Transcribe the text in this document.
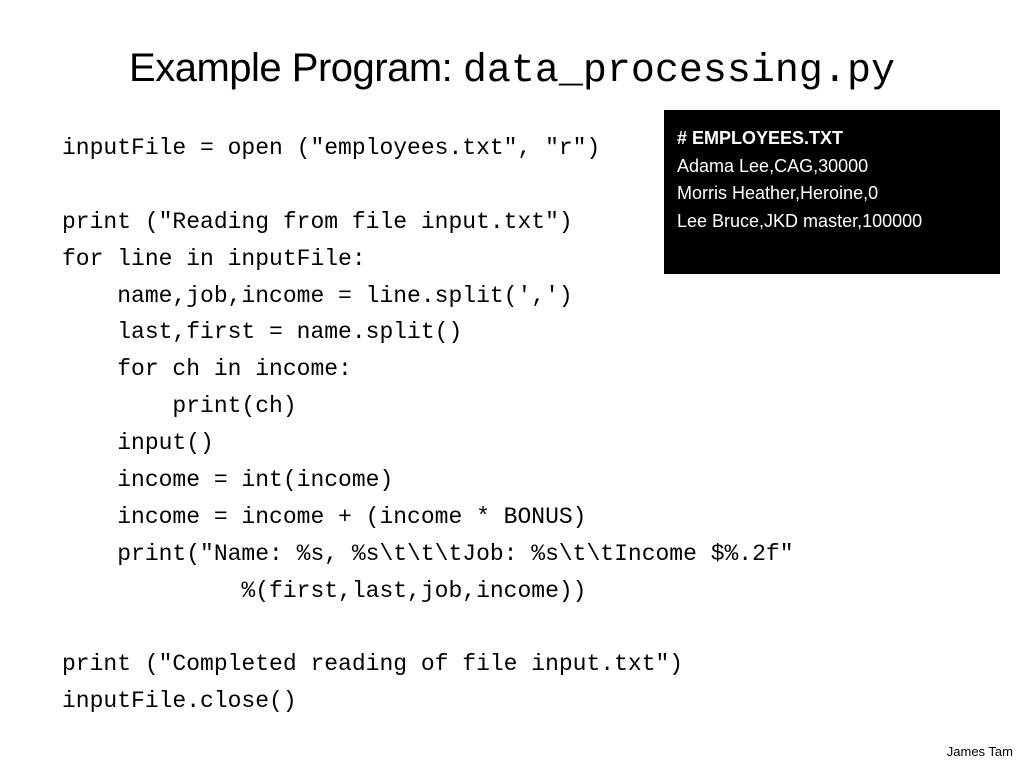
Example Program: data_processing.py
inputFile = open ("employees.txt", "r")
print ("Reading from file input.txt")
for line in inputFile:
name,job,income = line.split(',')
last,first = name.split()
for ch in income:
print(ch)
input()
income = int(income)
income = income + (income * BONUS)
print("Name: %s, %s\t\t\tJob: %s\t\tIncome $%.2f"
%(first,last,job,income))
print ("Completed reading of file input.txt")
inputFile.close()
# EMPLOYEES.TXT
Adama Lee,CAG,30000
Morris Heather,Heroine,0
Lee Bruce,JKD master,100000
James Tam
